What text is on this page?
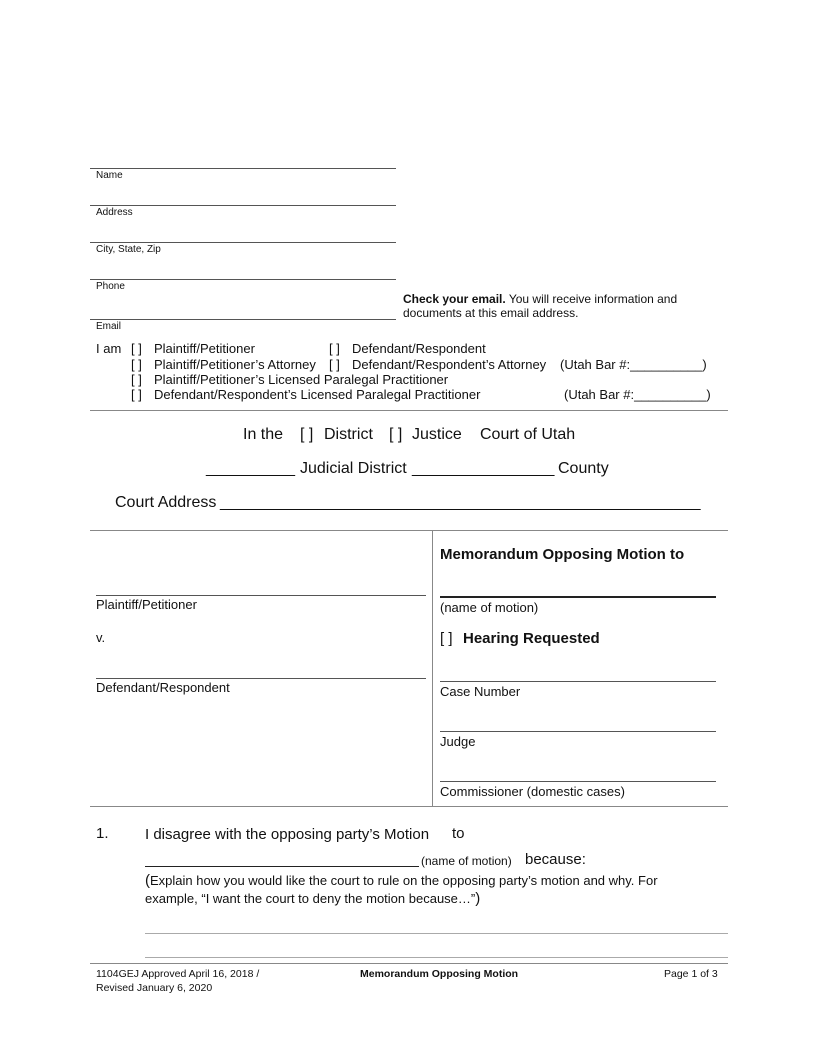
Name
Address
City, State, Zip
Phone
Email
Check your email. You will receive information and
documents at this email address.
I am [ ] Plaintiff/Petitioner	[ ] Defendant/Respondent
[ ] Plaintiff/Petitioner’s Attorney [ ] Defendant/Respondent’s Attorney (Utah Bar #:__________)
[ ] Plaintiff/Petitioner’s Licensed Paralegal Practitioner
[ ] Defendant/Respondent’s Licensed Paralegal Practitioner	(Utah Bar #:__________)
In the [ ] District [ ] Justice Court of Utah
__________ Judicial District ________________ County
Court Address ______________________________________________________
Plaintiff/Petitioner
v.
Defendant/Respondent
Memorandum Opposing Motion to
(name of motion)
[ ] Hearing Requested
Case Number
Judge
Commissioner (domestic cases)
1. I disagree with the opposing party’s Motion to
(name of motion) because:
(Explain how you would like the court to rule on the opposing party’s motion and why. For
example, “I want the court to deny the motion because…”)
1104GEJ Approved April 16, 2018 /
Revised January 6, 2020
Memorandum Opposing Motion	Page 1 of 3
